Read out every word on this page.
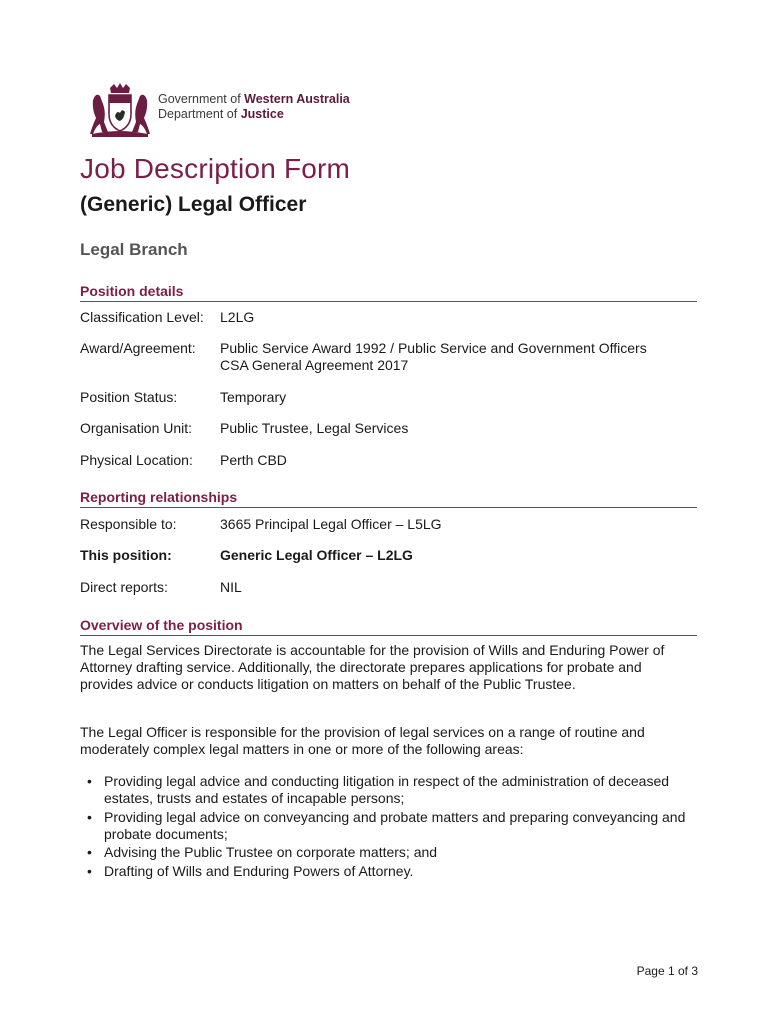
Government of Western Australia
Department of Justice
Job Description Form
(Generic) Legal Officer
Legal Branch
Position details
Classification Level:	L2LG
Award/Agreement:	Public Service Award 1992 / Public Service and Government Officers
CSA General Agreement 2017
Position Status:	Temporary
Organisation Unit:	Public Trustee, Legal Services
Physical Location:	Perth CBD
Reporting relationships
Responsible to:	3665 Principal Legal Officer – L5LG
This position:	Generic Legal Officer – L2LG
Direct reports:	NIL
Overview of the position

The Legal Services Directorate is accountable for the provision of Wills and Enduring Power of Attorney drafting service. Additionally, the directorate prepares applications for probate and provides advice or conducts litigation on matters on behalf of the Public Trustee.

The Legal Officer is responsible for the provision of legal services on a range of routine and moderately complex legal matters in one or more of the following areas:

• Providing legal advice and conducting litigation in respect of the administration of deceased estates, trusts and estates of incapable persons;
• Providing legal advice on conveyancing and probate matters and preparing conveyancing and probate documents;
• Advising the Public Trustee on corporate matters; and
• Drafting of Wills and Enduring Powers of Attorney.
Page 1 of 3
